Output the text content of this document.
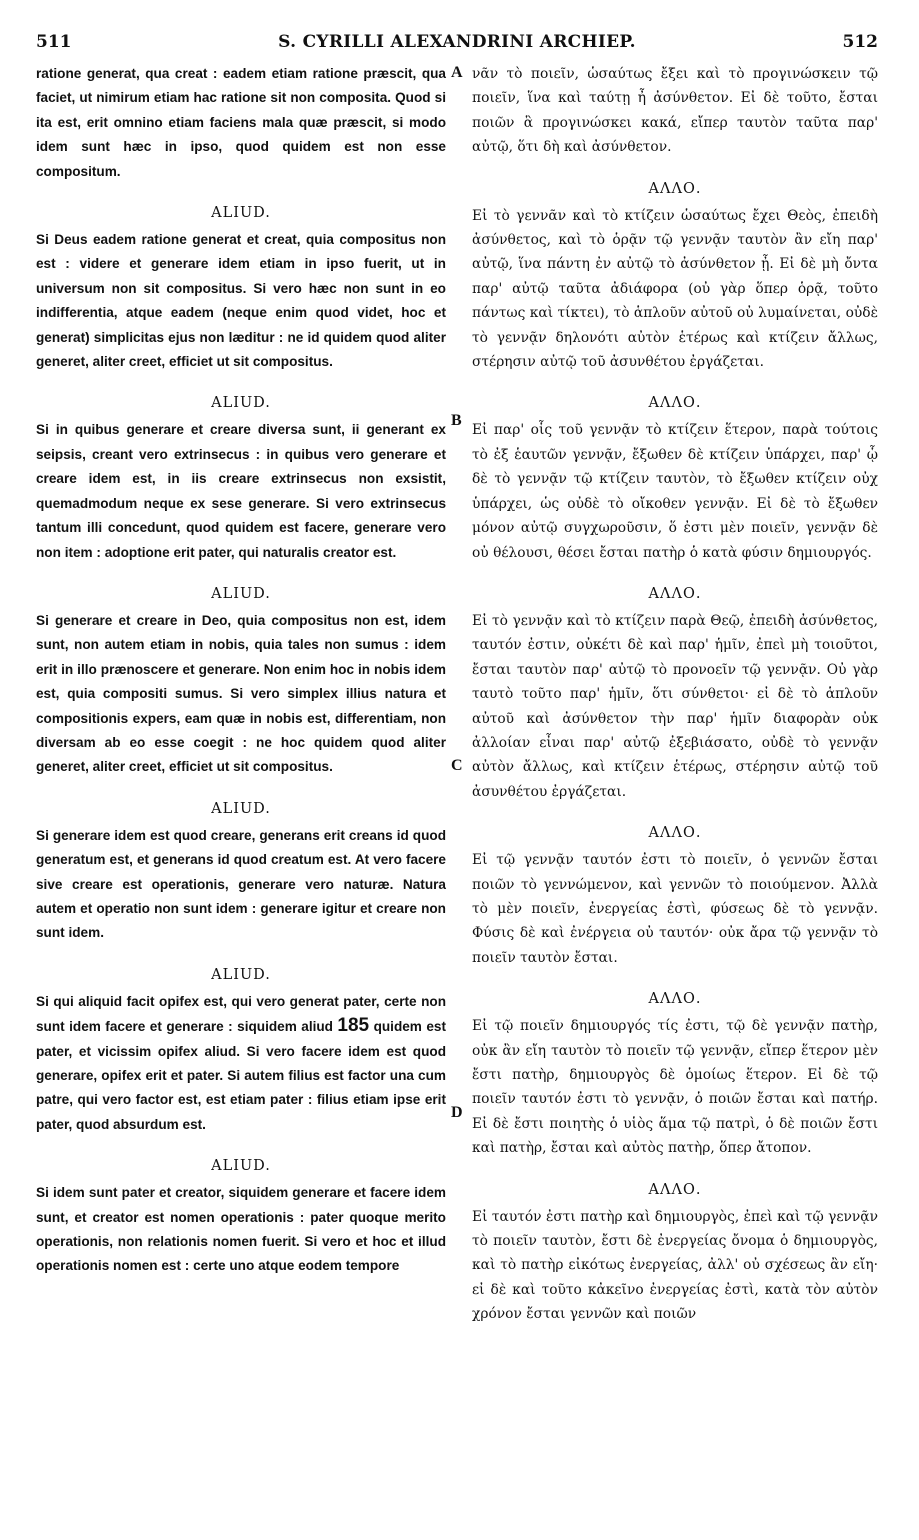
511	S. CYRILLI ALEXANDRINI ARCHIEP.	512
A
B
C
D

ratione generat, qua creat : eadem etiam ratione præscit, qua faciet, ut nimirum etiam hac ratione sit non composita. Quod si ita est, erit omnino etiam faciens mala quæ præscit, si modo idem sunt hæc in ipso, quod quidem est non esse compositum.

ALIUD.

Si Deus eadem ratione generat et creat, quia compositus non est : videre et generare idem etiam in ipso fuerit, ut in universum non sit compositus. Si vero hæc non sunt in eo indifferentia, atque eadem (neque enim quod videt, hoc et generat) simplicitas ejus non læditur : ne id quidem quod aliter generet, aliter creet, efficiet ut sit compositus.

ALIUD.

Si in quibus generare et creare diversa sunt, ii generant ex seipsis, creant vero extrinsecus : in quibus vero generare et creare idem est, in iis creare extrinsecus non exsistit, quemadmodum neque ex sese generare. Si vero extrinsecus tantum illi concedunt, quod quidem est facere, generare vero non item : adoptione erit pater, qui naturalis creator est.

ALIUD.

Si generare et creare in Deo, quia compositus non est, idem sunt, non autem etiam in nobis, quia tales non sumus : idem erit in illo prænoscere et generare. Non enim hoc in nobis idem est, quia compositi sumus. Si vero simplex illius natura et compositionis expers, eam quæ in nobis est, differentiam, non diversam ab eo esse coegit : ne hoc quidem quod aliter generet, aliter creet, efficiet ut sit compositus.

ALIUD.

Si generare idem est quod creare, generans erit creans id quod generatum est, et generans id quod creatum est. At vero facere sive creare est operationis, generare vero naturæ. Natura autem et operatio non sunt idem : generare igitur et creare non sunt idem.

ALIUD.

Si qui aliquid facit opifex est, qui vero generat pater, certe non sunt idem facere et generare : siquidem aliud 185 quidem est pater, et vicissim opifex aliud. Si vero facere idem est quod generare, opifex erit et pater. Si autem filius est factor una cum patre, qui vero factor est, est etiam pater : filius etiam ipse erit pater, quod absurdum est.

ALIUD.

Si idem sunt pater et creator, siquidem generare et facere idem sunt, et creator est nomen operationis : pater quoque merito operationis, non relationis nomen fuerit. Si vero et hoc et illud operationis nomen est : certe uno atque eodem tempore

νᾶν τὸ ποιεῖν, ὡσαύτως ἔξει καὶ τὸ προγινώσκειν τῷ ποιεῖν, ἵνα καὶ ταύτῃ ἦ ἀσύνθετον. Εἰ δὲ τοῦτο, ἔσται ποιῶν ἃ προγινώσκει κακά, εἴπερ ταυτὸν ταῦτα παρ' αὐτῷ, ὅτι δὴ καὶ ἀσύνθετον.

ΑΛΛΟ.

Εἰ τὸ γεννᾶν καὶ τὸ κτίζειν ὡσαύτως ἔχει Θεὸς, ἐπειδὴ ἀσύνθετος, καὶ τὸ ὁρᾷν τῷ γεννᾷν ταυτὸν ἂν εἴη παρ' αὐτῷ, ἵνα πάντη ἐν αὐτῷ τὸ ἀσύνθετον ᾖ. Εἰ δὲ μὴ ὄντα παρ' αὐτῷ ταῦτα ἀδιάφορα (οὐ γὰρ ὅπερ ὁρᾷ, τοῦτο πάντως καὶ τίκτει), τὸ ἁπλοῦν αὐτοῦ οὐ λυμαίνεται, οὐδὲ τὸ γεννᾷν δηλονότι αὐτὸν ἑτέρως καὶ κτίζειν ἄλλως, στέρησιν αὐτῷ τοῦ ἀσυνθέτου ἐργάζεται.

ΑΛΛΟ.

Εἰ παρ' οἷς τοῦ γεννᾷν τὸ κτίζειν ἕτερον, παρὰ τούτοις τὸ ἐξ ἑαυτῶν γεννᾷν, ἔξωθεν δὲ κτίζειν ὑπάρχει, παρ' ᾧ δὲ τὸ γεννᾷν τῷ κτίζειν ταυτὸν, τὸ ἔξωθεν κτίζειν οὐχ ὑπάρχει, ὡς οὐδὲ τὸ οἴκοθεν γεννᾷν. Εἰ δὲ τὸ ἔξωθεν μόνον αὐτῷ συγχωροῦσιν, ὅ ἐστι μὲν ποιεῖν, γεννᾷν δὲ οὐ θέλουσι, θέσει ἔσται πατὴρ ὁ κατὰ φύσιν δημιουργός.

ΑΛΛΟ.

Εἰ τὸ γεννᾷν καὶ τὸ κτίζειν παρὰ Θεῷ, ἐπειδὴ ἀσύνθετος, ταυτόν ἐστιν, οὐκέτι δὲ καὶ παρ' ἡμῖν, ἐπεὶ μὴ τοιοῦτοι, ἔσται ταυτὸν παρ' αὐτῷ τὸ προνοεῖν τῷ γεννᾷν. Οὐ γὰρ ταυτὸ τοῦτο παρ' ἡμῖν, ὅτι σύνθετοι· εἰ δὲ τὸ ἁπλοῦν αὐτοῦ καὶ ἀσύνθετον τὴν παρ' ἡμῖν διαφορὰν οὐκ ἀλλοίαν εἶναι παρ' αὐτῷ ἐξεβιάσατο, οὐδὲ τὸ γεννᾷν αὐτὸν ἄλλως, καὶ κτίζειν ἑτέρως, στέρησιν αὐτῷ τοῦ ἀσυνθέτου ἐργάζεται.

ΑΛΛΟ.

Εἰ τῷ γεννᾷν ταυτόν ἐστι τὸ ποιεῖν, ὁ γεννῶν ἔσται ποιῶν τὸ γεννώμενον, καὶ γεννῶν τὸ ποιούμενον. Ἀλλὰ τὸ μὲν ποιεῖν, ἐνεργείας ἐστὶ, φύσεως δὲ τὸ γεννᾷν. Φύσις δὲ καὶ ἐνέργεια οὐ ταυτόν· οὐκ ἄρα τῷ γεννᾷν τὸ ποιεῖν ταυτὸν ἔσται.

ΑΛΛΟ.

Εἰ τῷ ποιεῖν δημιουργός τίς ἐστι, τῷ δὲ γεννᾷν πατὴρ, οὐκ ἂν εἴη ταυτὸν τὸ ποιεῖν τῷ γεννᾷν, εἴπερ ἕτερον μὲν ἔστι πατὴρ, δημιουργὸς δὲ ὁμοίως ἕτερον. Εἰ δὲ τῷ ποιεῖν ταυτόν ἐστι τὸ γεννᾷν, ὁ ποιῶν ἔσται καὶ πατήρ. Εἰ δὲ ἔστι ποιητὴς ὁ υἱὸς ἅμα τῷ πατρὶ, ὁ δὲ ποιῶν ἔστι καὶ πατὴρ, ἔσται καὶ αὐτὸς πατὴρ, ὅπερ ἄτοπον.

ΑΛΛΟ.

Εἰ ταυτόν ἐστι πατὴρ καὶ δημιουργὸς, ἐπεὶ καὶ τῷ γεννᾷν τὸ ποιεῖν ταυτὸν, ἔστι δὲ ἐνεργείας ὄνομα ὁ δημιουργὸς, καὶ τὸ πατὴρ εἰκότως ἐνεργείας, ἀλλ' οὐ σχέσεως ἂν εἴη· εἰ δὲ καὶ τοῦτο κἀκεῖνο ἐνεργείας ἐστὶ, κατὰ τὸν αὐτὸν χρόνον ἔσται γεννῶν καὶ ποιῶν
